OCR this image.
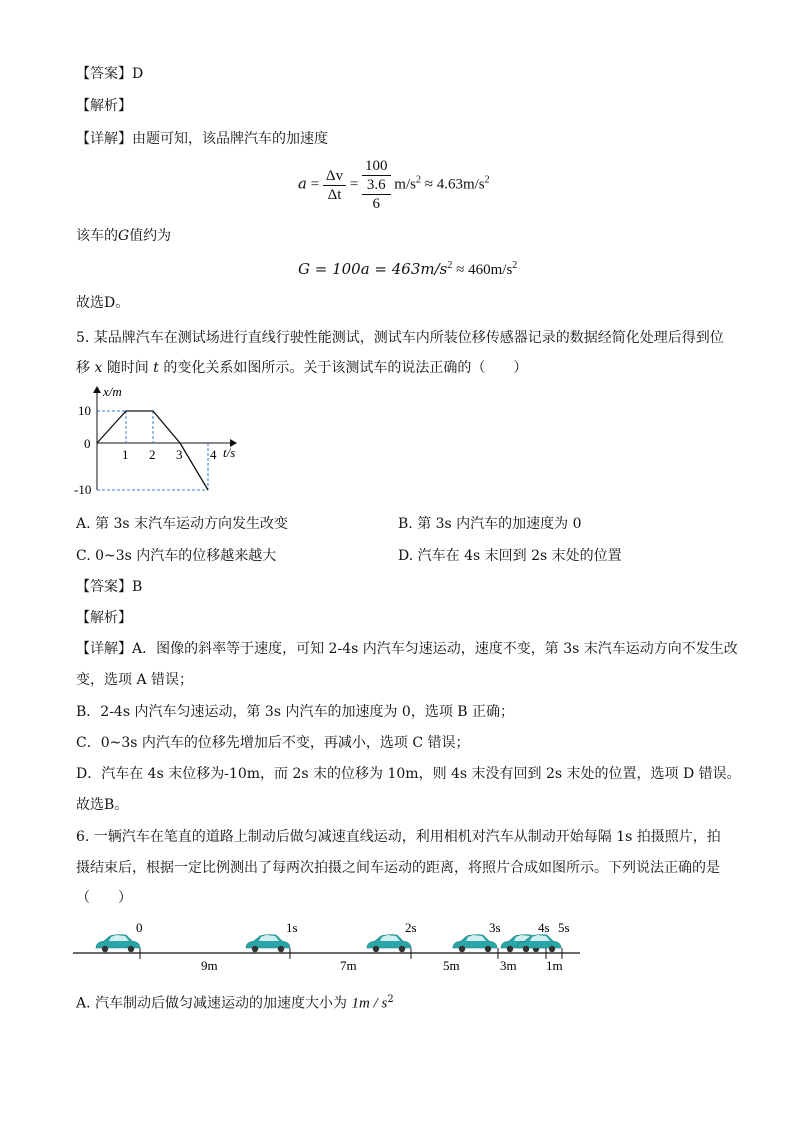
【答案】D
【解析】
【详解】由题可知，该品牌汽车的加速度
$a = \frac{\Delta v}{\Delta t} = \frac{\frac{100}{3.6}}{6} m/s^2 \approx 4.63m/s^2$
该车的G值约为
$G = 100a = 463m/s^2 \approx 460m/s^2$
故选D。
5. 某品牌汽车在测试场进行直线行驶性能测试，测试车内所装位移传感器记录的数据经简化处理后得到位
移 x 随时间 t 的变化关系如图所示。关于该测试车的说法正确的（　　）
x/m
t/s
0
10
-10
1 2 3 4
A. 第 3s 末汽车运动方向发生改变	B. 第 3s 内汽车的加速度为 0
C. 0~3s 内汽车的位移越来越大	D. 汽车在 4s 末回到 2s 末处的位置
【答案】B
【解析】
【详解】A．图像的斜率等于速度，可知 2-4s 内汽车匀速运动，速度不变，第 3s 末汽车运动方向不发生改
变，选项 A 错误；
B．2-4s 内汽车匀速运动，第 3s 内汽车的加速度为 0，选项 B 正确；
C．0~3s 内汽车的位移先增加后不变，再减小，选项 C 错误；
D．汽车在 4s 末位移为-10m，而 2s 末的位移为 10m，则 4s 末没有回到 2s 末处的位置，选项 D 错误。
故选B。
6. 一辆汽车在笔直的道路上制动后做匀减速直线运动，利用相机对汽车从制动开始每隔 1s 拍摄照片，拍
摄结束后，根据一定比例测出了每两次拍摄之间车运动的距离，将照片合成如图所示。下列说法正确的是
（　　）
0	1s	2s	3s	4s 5s
9m	7m	5m	3m 1m
A. 汽车制动后做匀减速运动的加速度大小为 $1m / s^2$
